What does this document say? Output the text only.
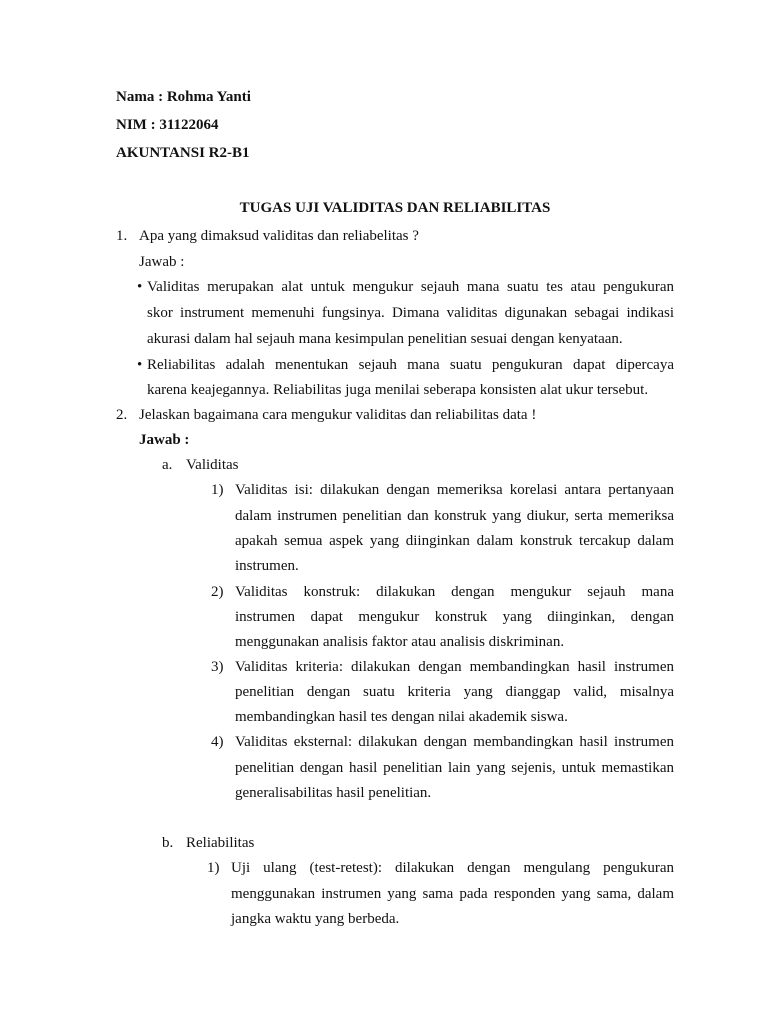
Nama : Rohma Yanti
NIM : 31122064
AKUNTANSI R2-B1
TUGAS UJI VALIDITAS DAN RELIABILITAS
1. Apa yang dimaksud validitas dan reliabelitas ?
Jawab :
• Validitas merupakan alat untuk mengukur sejauh mana suatu tes atau pengukuran
skor instrument memenuhi fungsinya. Dimana validitas digunakan sebagai indikasi
akurasi dalam hal sejauh mana kesimpulan penelitian sesuai dengan kenyataan.
• Reliabilitas adalah menentukan sejauh mana suatu pengukuran dapat dipercaya
karena keajegannya. Reliabilitas juga menilai seberapa konsisten alat ukur tersebut.
2. Jelaskan bagaimana cara mengukur validitas dan reliabilitas data !
Jawab :
a. Validitas
1) Validitas isi: dilakukan dengan memeriksa korelasi antara pertanyaan
dalam instrumen penelitian dan konstruk yang diukur, serta memeriksa
apakah semua aspek yang diinginkan dalam konstruk tercakup dalam
instrumen.
2) Validitas konstruk: dilakukan dengan mengukur sejauh mana
instrumen dapat mengukur konstruk yang diinginkan, dengan
menggunakan analisis faktor atau analisis diskriminan.
3) Validitas kriteria: dilakukan dengan membandingkan hasil instrumen
penelitian dengan suatu kriteria yang dianggap valid, misalnya
membandingkan hasil tes dengan nilai akademik siswa.
4) Validitas eksternal: dilakukan dengan membandingkan hasil instrumen
penelitian dengan hasil penelitian lain yang sejenis, untuk memastikan
generalisabilitas hasil penelitian.
b. Reliabilitas
1) Uji ulang (test-retest): dilakukan dengan mengulang pengukuran
menggunakan instrumen yang sama pada responden yang sama, dalam
jangka waktu yang berbeda.
